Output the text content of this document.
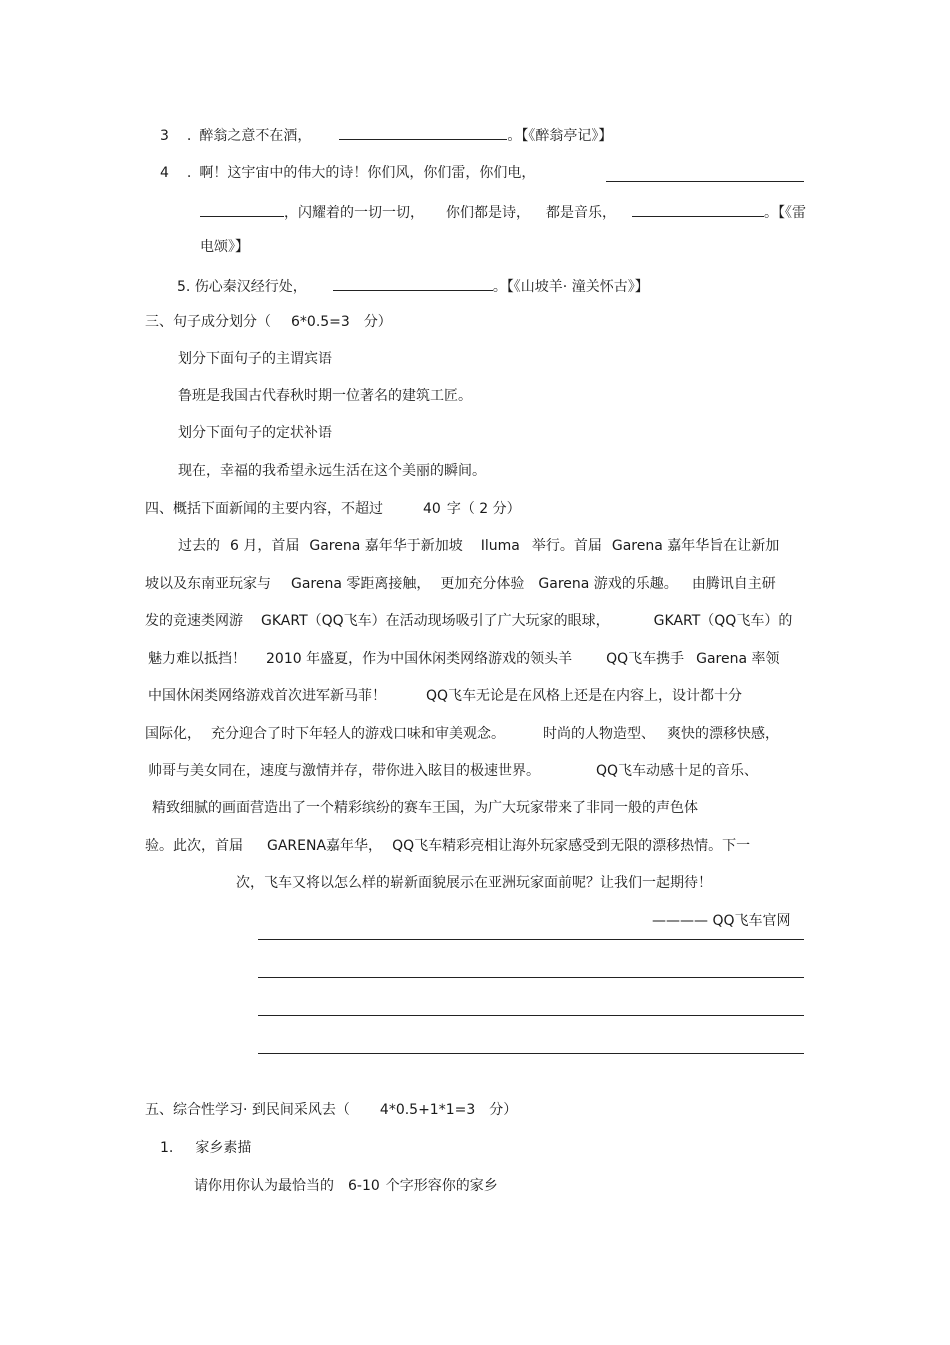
3 . 醉翁之意不在酒，	。【《醉翁亭记》】
4 . 啊！这宇宙中的伟大的诗！你们风，你们雷，你们电，
，闪耀着的一切一切， 你们都是诗， 都是音乐，	。【《雷
电颂》】
5. 伤心秦汉经行处，	。【《山坡羊· 潼关怀古》】
三、句子成分划分（ 6*0.5=3 分）
划分下面句子的主谓宾语
鲁班是我国古代春秋时期一位著名的建筑工匠。
划分下面句子的定状补语
现在，幸福的我希望永远生活在这个美丽的瞬间。
四、概括下面新闻的主要内容，不超过	40 字（ 2 分）
过去的 6 月，首届 Garena 嘉年华于新加坡 Iluma 举行。首届 Garena 嘉年华旨在让新加
坡以及东南亚玩家与 Garena 零距离接触， 更加充分体验 Garena 游戏的乐趣。 由腾讯自主研
发的竞速类网游 GKART（QQ飞车）在活动现场吸引了广大玩家的眼球，	GKART（QQ飞车）的
魅力难以抵挡！ 2010 年盛夏，作为中国休闲类网络游戏的领头羊 QQ飞车携手 Garena 率领
中国休闲类网络游戏首次进军新马菲！	QQ飞车无论是在风格上还是在内容上，设计都十分
国际化， 充分迎合了时下年轻人的游戏口味和审美观念。	时尚的人物造型、 爽快的漂移快感，
帅哥与美女同在，速度与激情并存，带你进入眩目的极速世界。	QQ飞车动感十足的音乐、
精致细腻的画面营造出了一个精彩缤纷的赛车王国，为广大玩家带来了非同一般的声色体
验。此次，首届 GARENA嘉年华， QQ飞车精彩亮相让海外玩家感受到无限的漂移热情。下一
次，飞车又将以怎么样的崭新面貌展示在亚洲玩家面前呢？让我们一起期待！
———— QQ飞车官网
五、综合性学习· 到民间采风去（ 4*0.5+1*1=3 分）
1. 家乡素描
请你用你认为最恰当的 6-10 个字形容你的家乡
